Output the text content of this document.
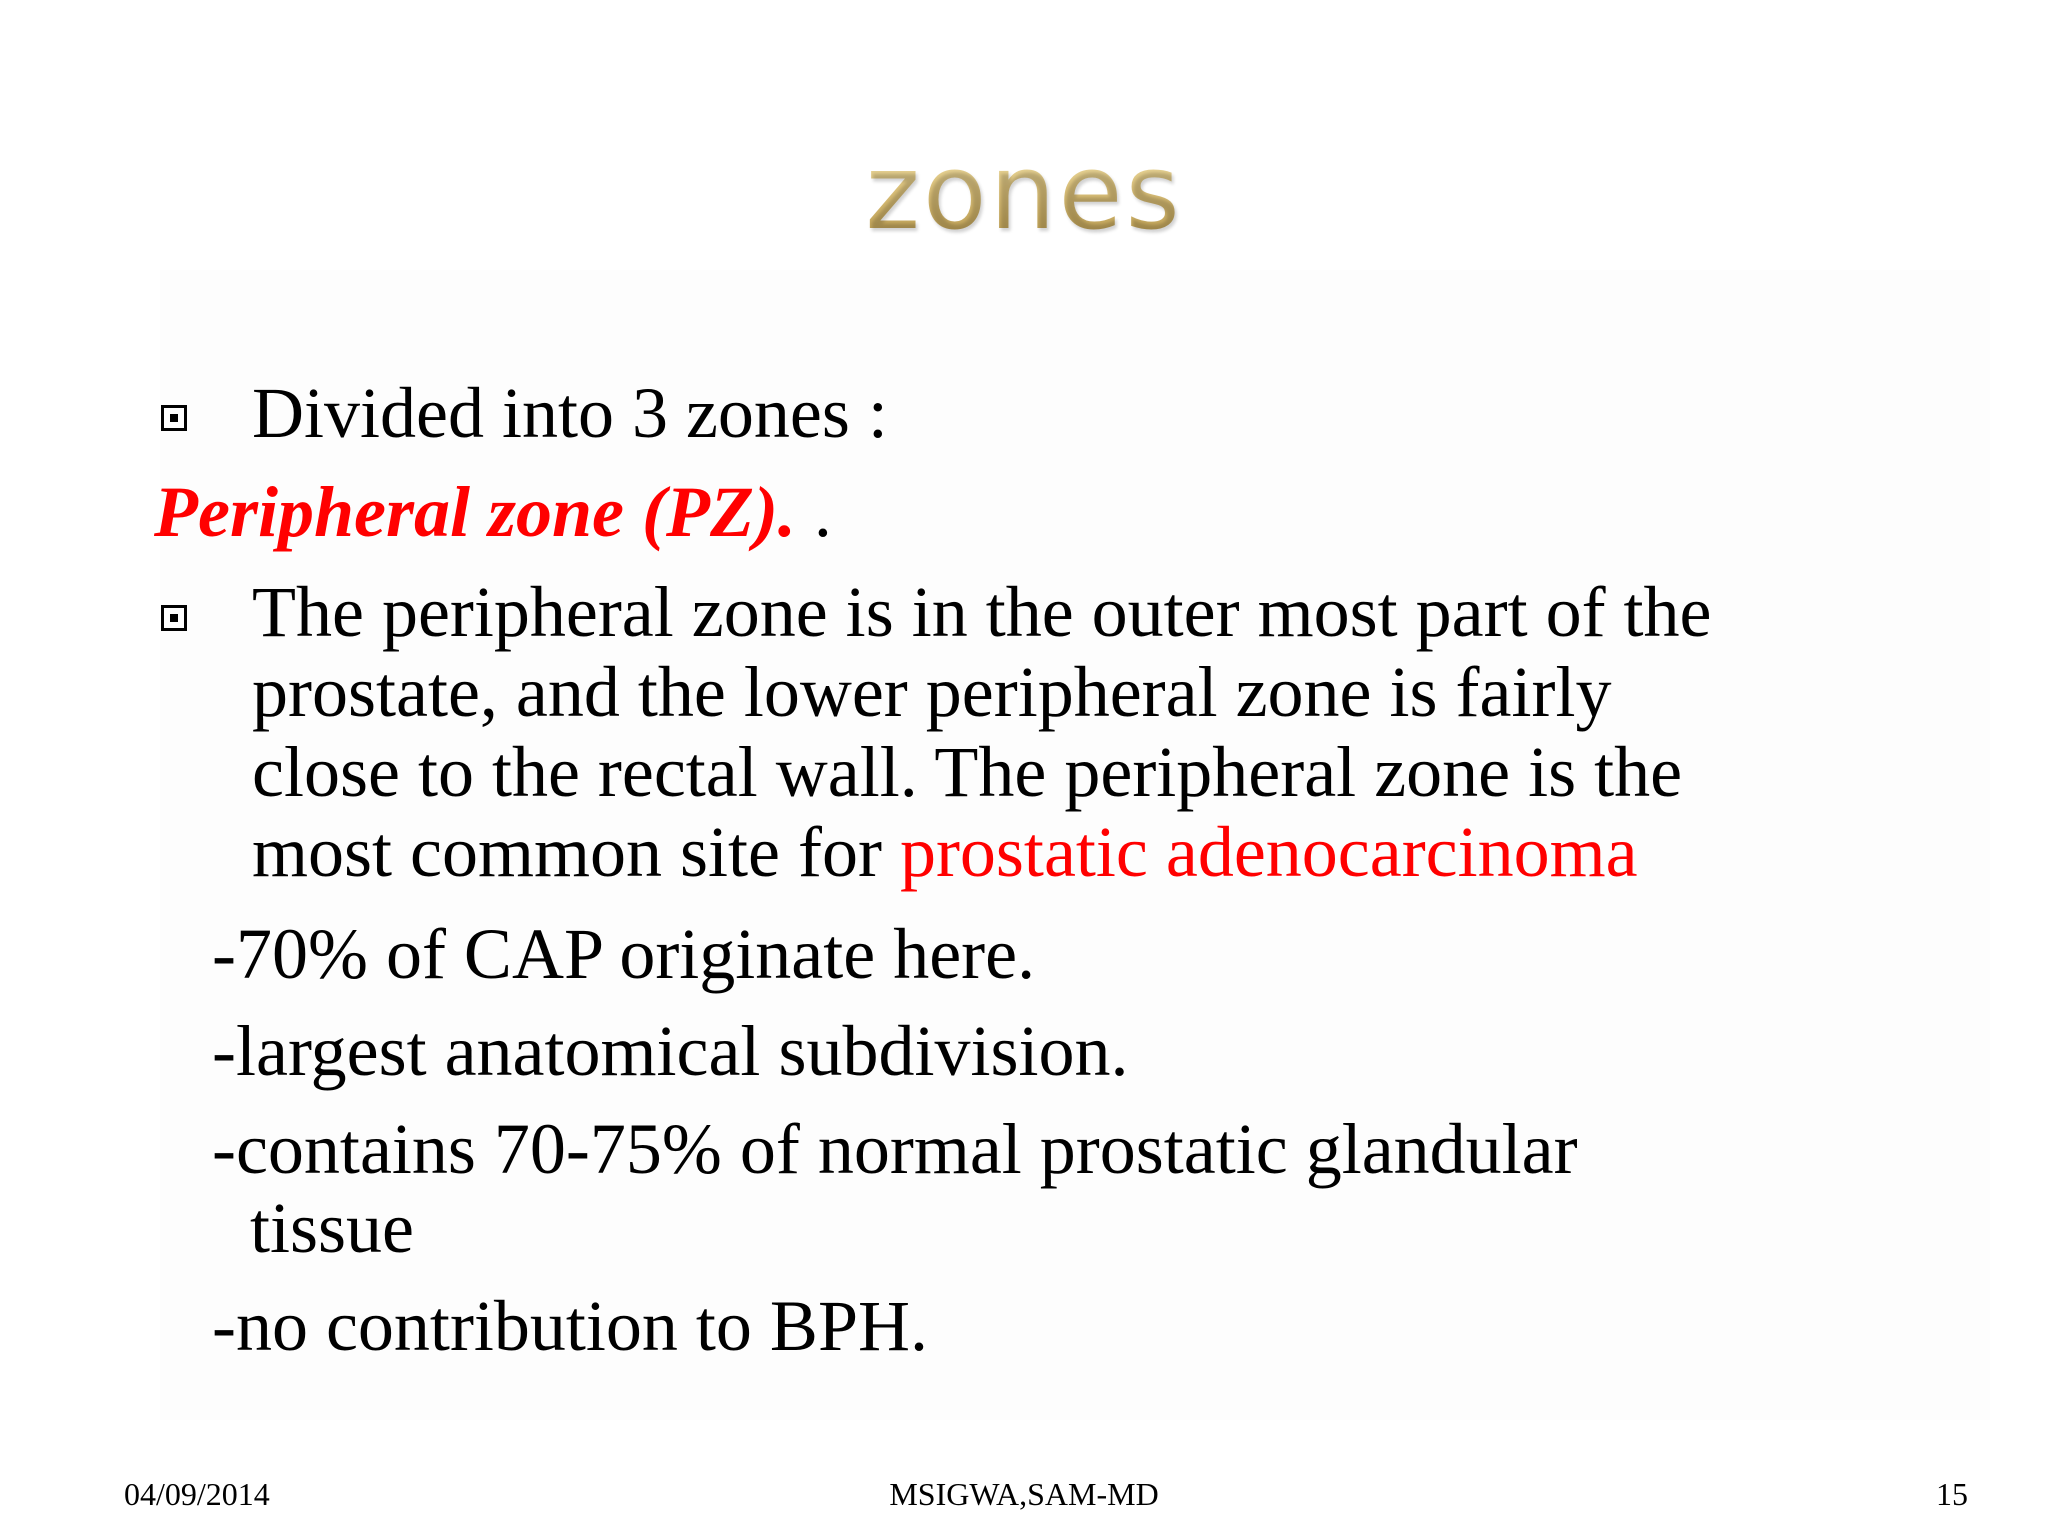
zones
Divided into 3 zones :
Peripheral zone (PZ). .
The peripheral zone is in the outer most part of the
prostate, and the lower peripheral zone is fairly
close to the rectal wall. The peripheral zone is the
most common site for prostatic adenocarcinoma
-70% of CAP originate here.
-largest anatomical subdivision.
-contains 70-75% of normal prostatic glandular
tissue
-no contribution to BPH.
04/09/2014	MSIGWA,SAM-MD	15
